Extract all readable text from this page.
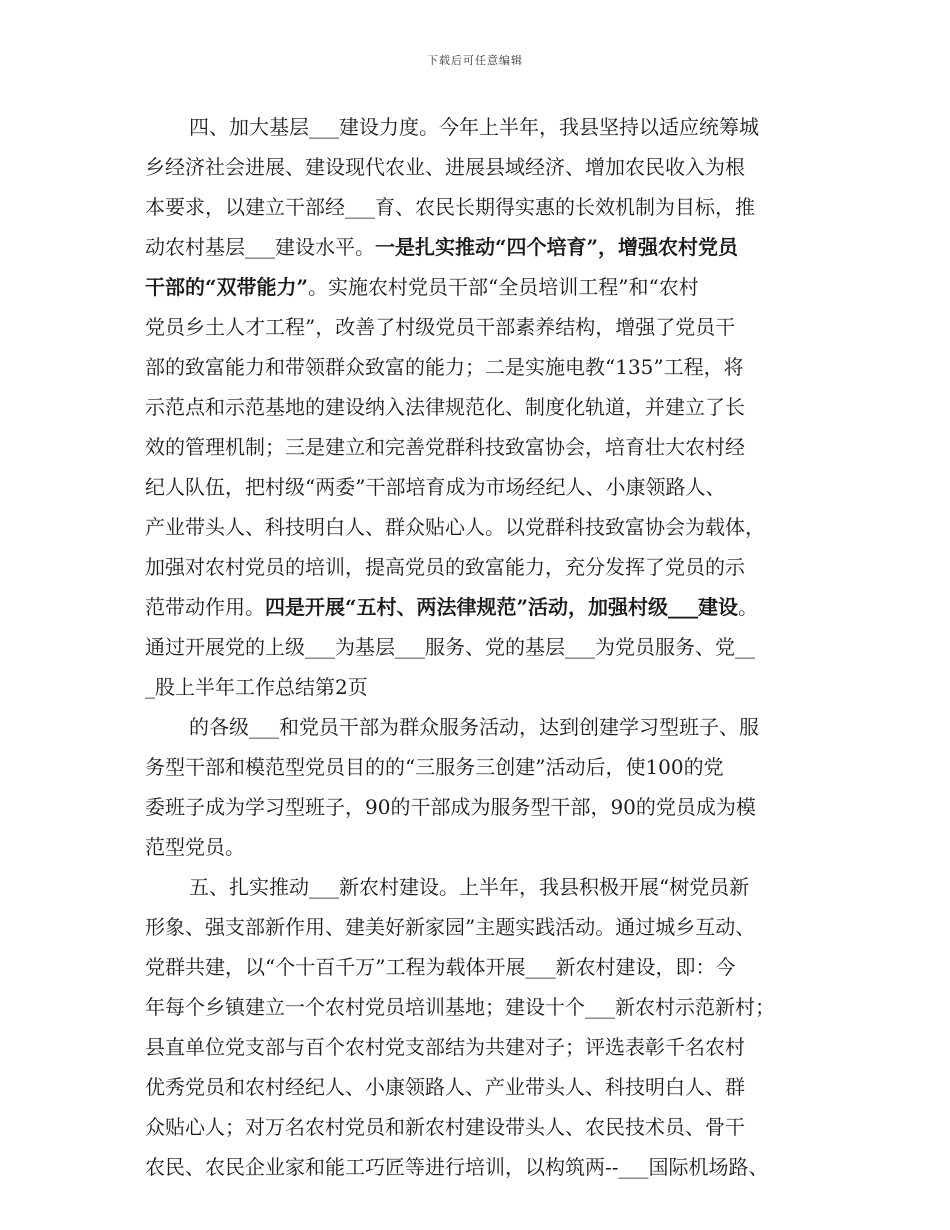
下载后可任意编辑
四、加大基层___建设力度。今年上半年，我县坚持以适应统筹城
乡经济社会进展、建设现代农业、进展县域经济、增加农民收入为根
本要求，以建立干部经___育、农民长期得实惠的长效机制为目标，推
动农村基层___建设水平。一是扎实推动“四个培育”，增强农村党员
干部的“双带能力”。实施农村党员干部“全员培训工程”和“农村
党员乡土人才工程”，改善了村级党员干部素养结构，增强了党员干
部的致富能力和带领群众致富的能力；二是实施电教“135”工程，将
示范点和示范基地的建设纳入法律规范化、制度化轨道，并建立了长
效的管理机制；三是建立和完善党群科技致富协会，培育壮大农村经
纪人队伍，把村级“两委”干部培育成为市场经纪人、小康领路人、
产业带头人、科技明白人、群众贴心人。以党群科技致富协会为载体，
加强对农村党员的培训，提高党员的致富能力，充分发挥了党员的示
范带动作用。四是开展“五村、两法律规范”活动，加强村级___建设。
通过开展党的上级___为基层___服务、党的基层___为党员服务、党__
_股上半年工作总结第2页
的各级___和党员干部为群众服务活动，达到创建学习型班子、服
务型干部和模范型党员目的的“三服务三创建”活动后，使100的党
委班子成为学习型班子，90的干部成为服务型干部，90的党员成为模
范型党员。
五、扎实推动___新农村建设。上半年，我县积极开展“树党员新
形象、强支部新作用、建美好新家园”主题实践活动。通过城乡互动、
党群共建，以“个十百千万”工程为载体开展___新农村建设，即：今
年每个乡镇建立一个农村党员培训基地；建设十个___新农村示范新村；
县直单位党支部与百个农村党支部结为共建对子；评选表彰千名农村
优秀党员和农村经纪人、小康领路人、产业带头人、科技明白人、群
众贴心人；对万名农村党员和新农村建设带头人、农民技术员、骨干
农民、农民企业家和能工巧匠等进行培训，以构筑两--___国际机场路、
